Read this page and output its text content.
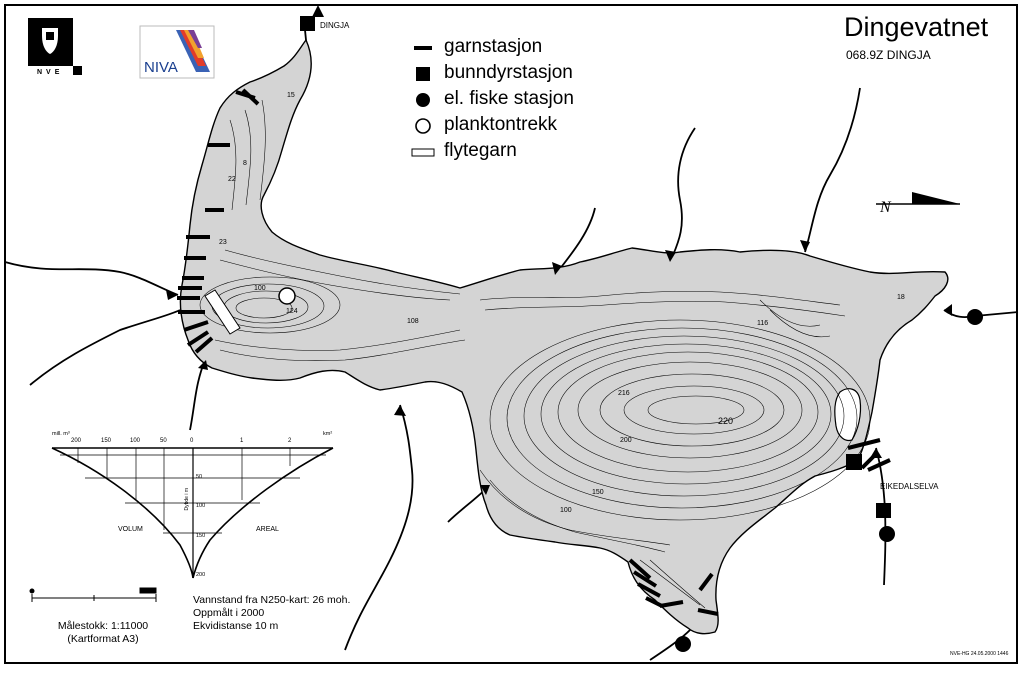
15
8
22
23
100
124
108	116
18
216
220
200
150
100
N
NVE	NIVA
Dingevatnet
068.9Z DINGJA
garnstasjon
bunndyrstasjon
el. fiske stasjon
planktontrekk
flytegarn
DINGJA
EIKEDALSELVA
mill. m³	km²
200	150	100	50	0	1	2
50
100
150
200
Dybde i m
VOLUM	AREAL
Målestokk: 1:11000
(Kartformat A3)
Vannstand fra N250-kart: 26 moh.
Oppmålt i 2000
Ekvidistanse 10 m
NVE-HG 24.05.2000 1446
